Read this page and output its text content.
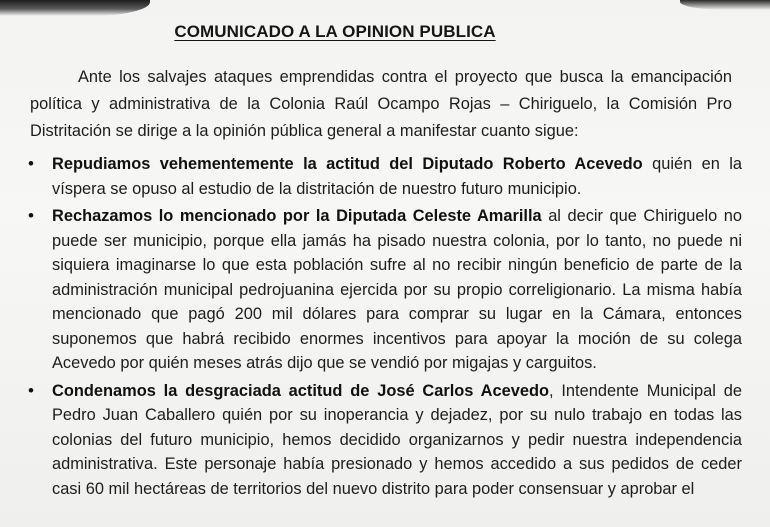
COMUNICADO A LA OPINION PUBLICA

Ante los salvajes ataques emprendidas contra el proyecto que busca la emancipación política y administrativa de la Colonia Raúl Ocampo Rojas – Chiriguelo, la Comisión Pro Distritación se dirige a la opinión pública general a manifestar cuanto sigue:

• Repudiamos vehementemente la actitud del Diputado Roberto Acevedo quién en la víspera se opuso al estudio de la distritación de nuestro futuro municipio.
• Rechazamos lo mencionado por la Diputada Celeste Amarilla al decir que Chiriguelo no puede ser municipio, porque ella jamás ha pisado nuestra colonia, por lo tanto, no puede ni siquiera imaginarse lo que esta población sufre al no recibir ningún beneficio de parte de la administración municipal pedrojuanina ejercida por su propio correligionario. La misma había mencionado que pagó 200 mil dólares para comprar su lugar en la Cámara, entonces suponemos que habrá recibido enormes incentivos para apoyar la moción de su colega Acevedo por quién meses atrás dijo que se vendió por migajas y carguitos.
• Condenamos la desgraciada actitud de José Carlos Acevedo, Intendente Municipal de Pedro Juan Caballero quién por su inoperancia y dejadez, por su nulo trabajo en todas las colonias del futuro municipio, hemos decidido organizarnos y pedir nuestra independencia administrativa. Este personaje había presionado y hemos accedido a sus pedidos de ceder casi 60 mil hectáreas de territorios del nuevo distrito para poder consensuar y aprobar el
